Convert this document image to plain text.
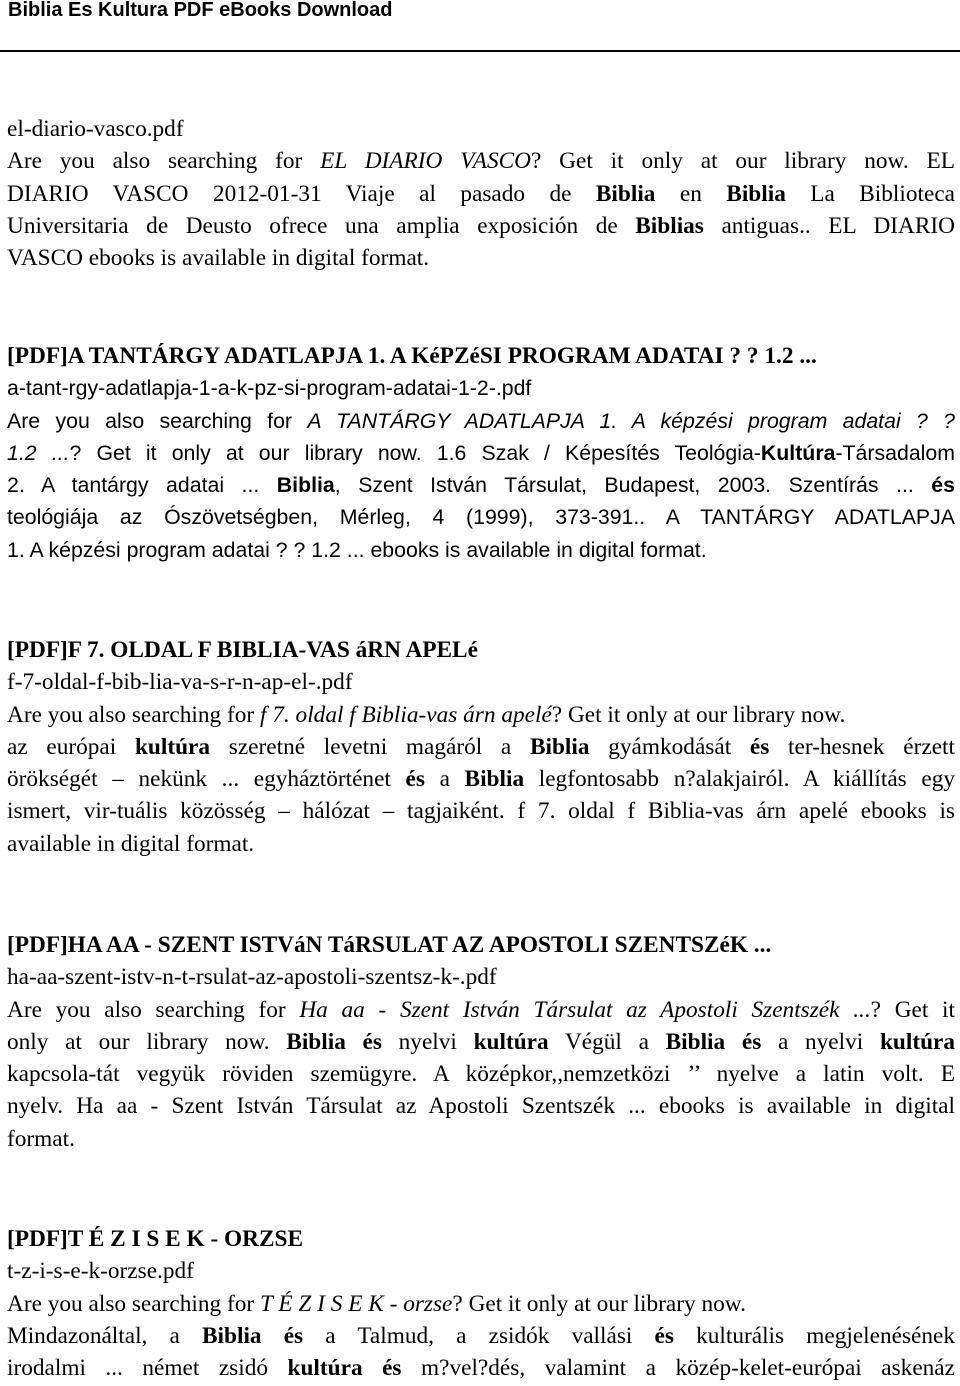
Biblia Es Kultura PDF eBooks Download
el-diario-vasco.pdf
Are you also searching for EL DIARIO VASCO? Get it only at our library now. EL
DIARIO VASCO 2012-01-31 Viaje al pasado de Biblia en Biblia La Biblioteca
Universitaria de Deusto ofrece una amplia exposición de Biblias antiguas.. EL DIARIO
VASCO ebooks is available in digital format.
[PDF]A TANTÁRGY ADATLAPJA 1. A KéPZéSI PROGRAM ADATAI ? ? 1.2 ...
a-tant-rgy-adatlapja-1-a-k-pz-si-program-adatai-1-2-.pdf
Are you also searching for A TANTÁRGY ADATLAPJA 1. A képzési program adatai ? ?
1.2 ...? Get it only at our library now. 1.6 Szak / Képesítés Teológia-Kultúra-Társadalom
2. A tantárgy adatai ... Biblia, Szent István Társulat, Budapest, 2003. Szentírás ... és
teológiája az Ószövetségben, Mérleg, 4 (1999), 373-391.. A TANTÁRGY ADATLAPJA
1. A képzési program adatai ? ? 1.2 ... ebooks is available in digital format.
[PDF]F 7. OLDAL F BIBLIA-VAS áRN APELé
f-7-oldal-f-bib-lia-va-s-r-n-ap-el-.pdf
Are you also searching for f 7. oldal f Biblia-vas árn apelé? Get it only at our library now.
az európai kultúra szeretné levetni magáról a Biblia gyámkodását és ter-hesnek érzett
örökségét – nekünk ... egyháztörténet és a Biblia legfontosabb n?alakjairól. A kiállítás egy
ismert, vir-tuális közösség – hálózat – tagjaiként. f 7. oldal f Biblia-vas árn apelé ebooks is
available in digital format.
[PDF]HA AA - SZENT ISTVáN TáRSULAT AZ APOSTOLI SZENTSZéK ...
ha-aa-szent-istv-n-t-rsulat-az-apostoli-szentsz-k-.pdf
Are you also searching for Ha aa - Szent István Társulat az Apostoli Szentszék ...? Get it
only at our library now. Biblia és nyelvi kultúra Végül a Biblia és a nyelvi kultúra
kapcsola-tát vegyük röviden szemügyre. A középkor,,nemzetközi ’’ nyelve a latin volt. E
nyelv. Ha aa - Szent István Társulat az Apostoli Szentszék ... ebooks is available in digital
format.
[PDF]T É Z I S E K - ORZSE
t-z-i-s-e-k-orzse.pdf
Are you also searching for T É Z I S E K - orzse? Get it only at our library now.
Mindazonáltal, a Biblia és a Talmud, a zsidók vallási és kulturális megjelenésének
irodalmi ... német zsidó kultúra és m?vel?dés, valamint a közép-kelet-európai askenáz
